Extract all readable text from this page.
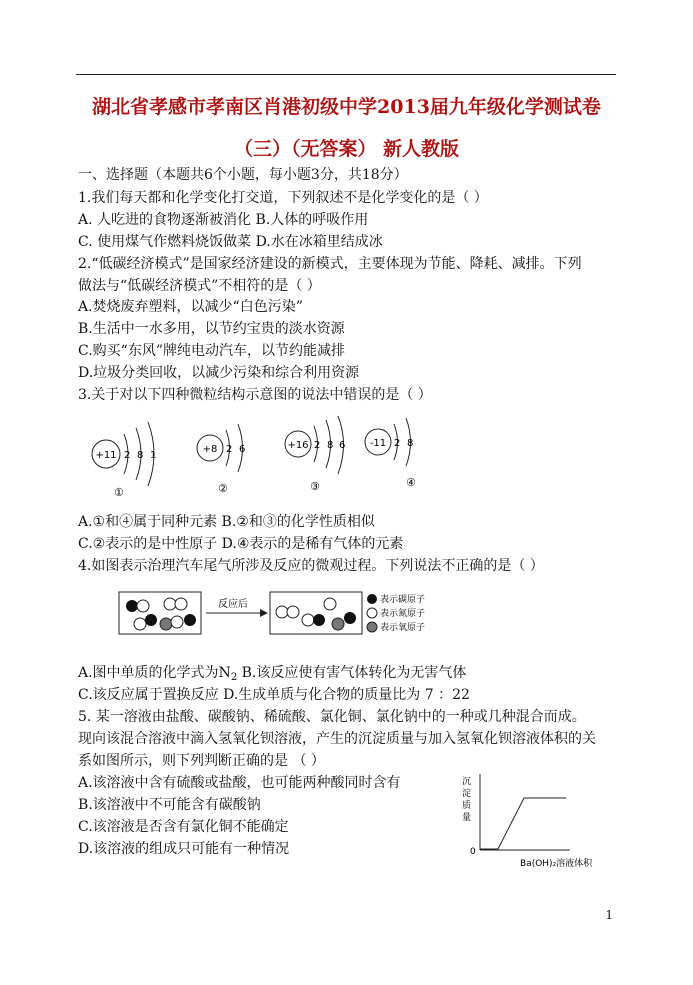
湖北省孝感市孝南区肖港初级中学2013届九年级化学测试卷
（三）（无答案） 新人教版
一、选择题（本题共6个小题，每小题3分，共18分）
1.我们每天都和化学变化打交道，下列叙述不是化学变化的是（ ）
A. 人吃进的食物逐渐被消化 B.人体的呼吸作用
C. 使用煤气作燃料烧饭做菜 D.水在冰箱里结成冰
2.“低碳经济模式”是国家经济建设的新模式，主要体现为节能、降耗、减排。下列
做法与“低碳经济模式”不相符的是（ ）
A.焚烧废弃塑料，以减少“白色污染”
B.生活中一水多用，以节约宝贵的淡水资源
C.购买“东风”牌纯电动汽车，以节约能减排
D.垃圾分类回收，以减少污染和综合利用资源
3.关于对以下四种微粒结构示意图的说法中错误的是（ ）
+11 2 8 1
①
+8 2 6
②
+16 2 8 6
③
-11 2 8
④
A.①和④属于同种元素 B.②和③的化学性质相似
C.②表示的是中性原子 D.④表示的是稀有气体的元素
4.如图表示治理汽车尾气所涉及反应的微观过程。下列说法不正确的是（ ）
反应后	表示碳原子
表示氮原子
表示氧原子
A.图中单质的化学式为$N_2$ B.该反应使有害气体转化为无害气体
C.该反应属于置换反应 D.生成单质与化合物的质量比为 7 ：22
5. 某一溶液由盐酸、碳酸钠、稀硫酸、氯化铜、氯化钠中的一种或几种混合而成。
现向该混合溶液中滴入氢氧化钡溶液，产生的沉淀质量与加入氢氧化钡溶液体积的关
系如图所示，则下列判断正确的是 （ ）
A.该溶液中含有硫酸或盐酸，也可能两种酸同时含有
B.该溶液中不可能含有碳酸钠
C.该溶液是否含有氯化铜不能确定
D.该溶液的组成只可能有一种情况
沉
淀
质
量
0
Ba(OH)₂溶液体积
1
